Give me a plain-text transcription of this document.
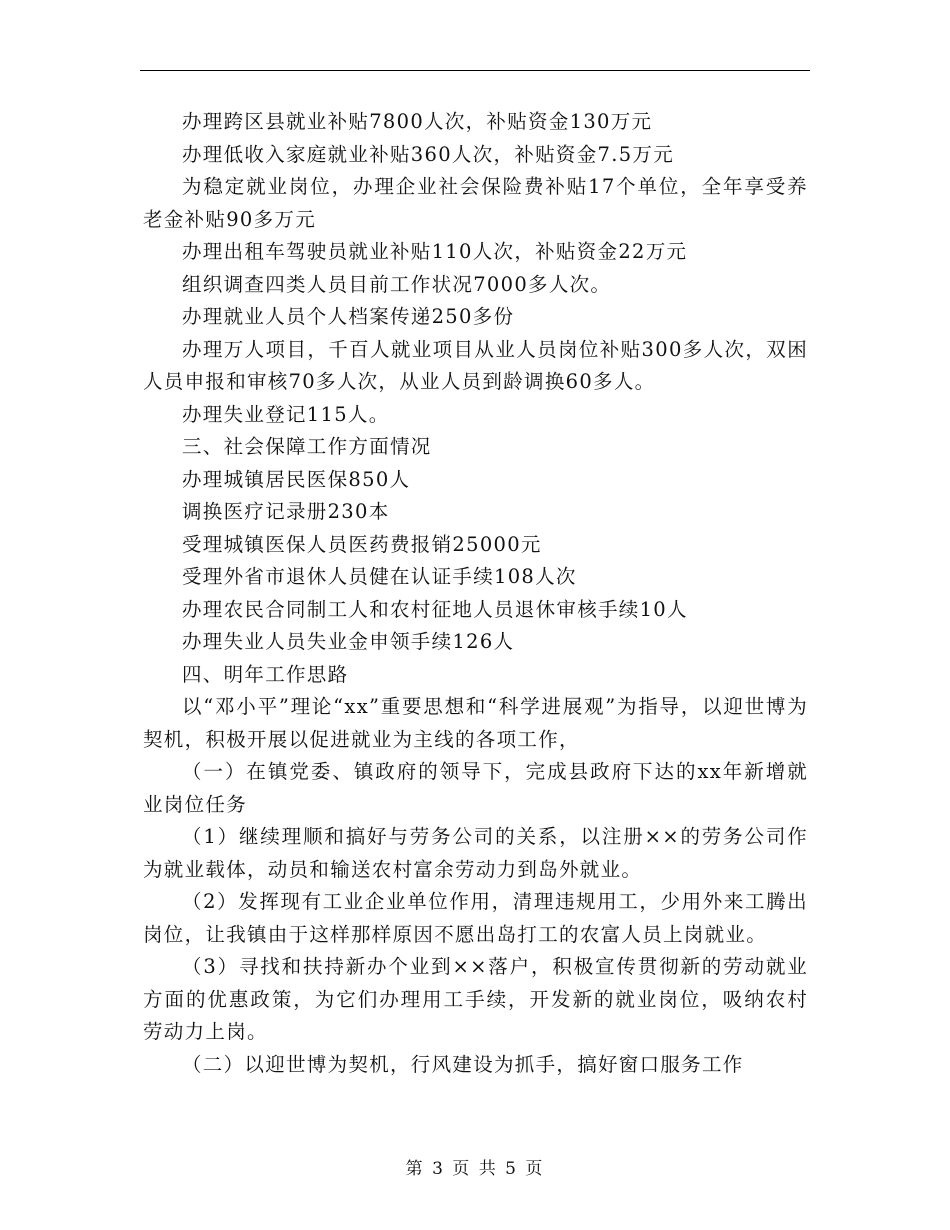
办理跨区县就业补贴7800人次，补贴资金130万元

办理低收入家庭就业补贴360人次，补贴资金7.5万元

为稳定就业岗位，办理企业社会保险费补贴17个单位，全年享受养老金补贴90多万元

办理出租车驾驶员就业补贴110人次，补贴资金22万元

组织调查四类人员目前工作状况7000多人次。

办理就业人员个人档案传递250多份

办理万人项目，千百人就业项目从业人员岗位补贴300多人次，双困人员申报和审核70多人次，从业人员到龄调换60多人。

办理失业登记115人。

三、社会保障工作方面情况

办理城镇居民医保850人

调换医疗记录册230本

受理城镇医保人员医药费报销25000元

受理外省市退休人员健在认证手续108人次

办理农民合同制工人和农村征地人员退休审核手续10人

办理失业人员失业金申领手续126人

四、明年工作思路

以“邓小平”理论“xx”重要思想和“科学进展观”为指导，以迎世博为契机，积极开展以促进就业为主线的各项工作，

（一）在镇党委、镇政府的领导下，完成县政府下达的xx年新增就业岗位任务

（1）继续理顺和搞好与劳务公司的关系，以注册××的劳务公司作为就业载体，动员和输送农村富余劳动力到岛外就业。

（2）发挥现有工业企业单位作用，清理违规用工，少用外来工腾出岗位，让我镇由于这样那样原因不愿出岛打工的农富人员上岗就业。

（3）寻找和扶持新办个业到××落户，积极宣传贯彻新的劳动就业方面的优惠政策，为它们办理用工手续，开发新的就业岗位，吸纳农村劳动力上岗。

（二）以迎世博为契机，行风建设为抓手，搞好窗口服务工作

第 3 页 共 5 页
